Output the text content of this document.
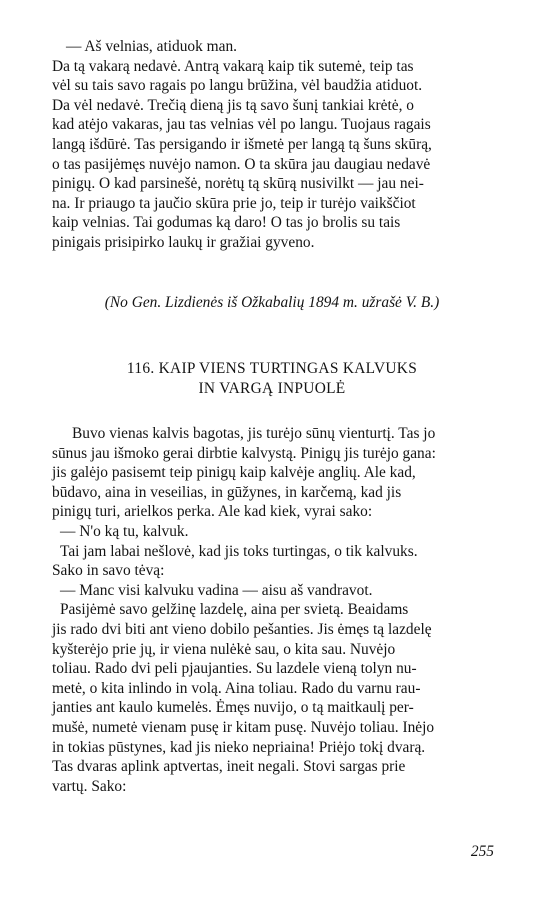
— Aš velnias, atiduok man.
Da tą vakarą nedavė. Antrą vakarą kaip tik sutemė, teip tas
vėl su tais savo ragais po langu brūžina, vėl baudžia atiduot.
Da vėl nedavė. Trečią dieną jis tą savo šunį tankiai krėtė, o
kad atėjo vakaras, jau tas velnias vėl po langu. Tuojaus ragais
langą išdūrė. Tas persigando ir išmetė per langą tą šuns skūrą,
o tas pasijėmęs nuvėjo namon. O ta skūra jau daugiau nedavė
pinigų. O kad parsinešė, norėtų tą skūrą nusivilkt — jau nei-
na. Ir priaugo ta jaučio skūra prie jo, teip ir turėjo vaikščiot
kaip velnias. Tai godumas ką daro! O tas jo brolis su tais
pinigais prisipirko laukų ir gražiai gyveno.

(No Gen. Lizdienės iš Ožkabalių 1894 m. užrašė V. B.)

116. KAIP VIENS TURTINGAS KALVUKS
IN VARGĄ INPUOLĖ

Buvo vienas kalvis bagotas, jis turėjo sūnų vienturtį. Tas jo
sūnus jau išmoko gerai dirbtie kalvystą. Pinigų jis turėjo gana:
jis galėjo pasisemt teip pinigų kaip kalvėje anglių. Ale kad,
būdavo, aina in veseilias, in gūžynes, in karčemą, kad jis
pinigų turi, arielkos perka. Ale kad kiek, vyrai sako:
— N'o ką tu, kalvuk.
Tai jam labai nešlovė, kad jis toks turtingas, o tik kalvuks.
Sako in savo tėvą:
— Manc visi kalvuku vadina — aisu aš vandravot.
Pasijėmė savo gelžinę lazdelę, aina per svietą. Beaidams
jis rado dvi biti ant vieno dobilo pešanties. Jis ėmęs tą lazdelę
kyšterėjo prie jų, ir viena nulėkė sau, o kita sau. Nuvėjo
toliau. Rado dvi peli pjaujanties. Su lazdele vieną tolyn nu-
metė, o kita inlindo in volą. Aina toliau. Rado du varnu rau-
janties ant kaulo kumelės. Ėmęs nuvijo, o tą maitkaulį per-
mušė, numetė vienam pusę ir kitam pusę. Nuvėjo toliau. Inėjo
in tokias pūstynes, kad jis nieko nepriaina! Priėjo tokį dvarą.
Tas dvaras aplink aptvertas, ineit negali. Stovi sargas prie
vartų. Sako:

255
